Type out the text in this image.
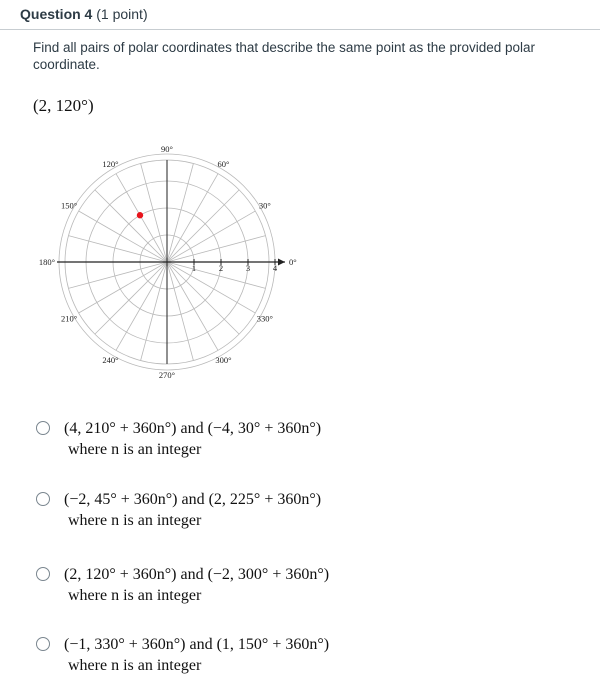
Question 4 (1 point)
Find all pairs of polar coordinates that describe the same point as the provided polar coordinate.
(2, 120°)
1	2	3	4
0°
30°
60°
90°
120°
150°
180°
210°
240°
270°
300°
330°
(4, 210° + 360n°) and (−4, 30° + 360n°)
where n is an integer
(−2, 45° + 360n°) and (2, 225° + 360n°)
where n is an integer
(2, 120° + 360n°) and (−2, 300° + 360n°)
where n is an integer
(−1, 330° + 360n°) and (1, 150° + 360n°)
where n is an integer
